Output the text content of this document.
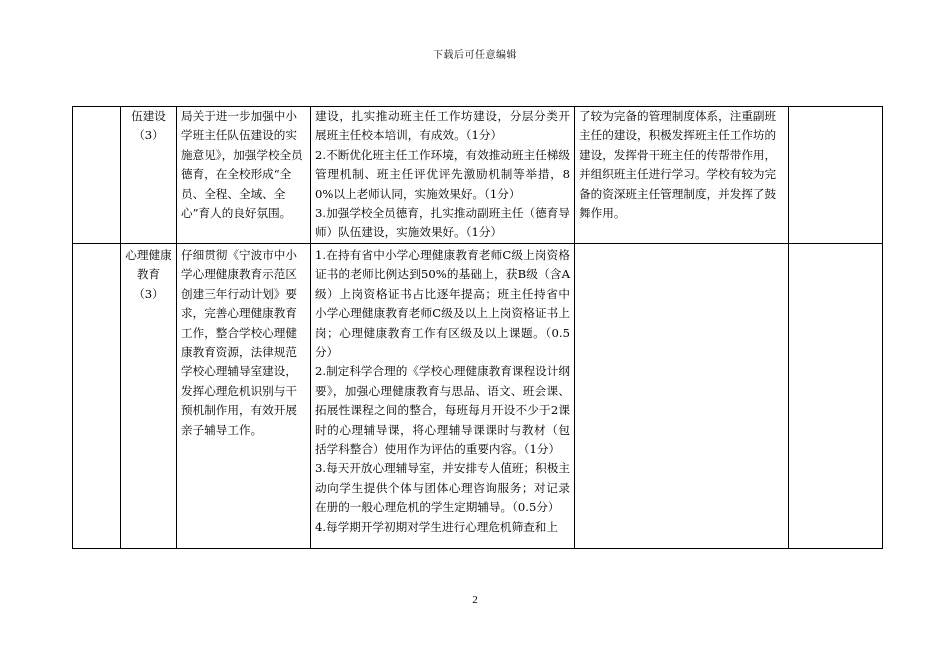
下载后可任意编辑
	伍建设（3）	局关于进一步加强中小学班主任队伍建设的实施意见》，加强学校全员德育，在全校形成“全员、全程、全域、全心”育人的良好氛围。	建设，扎实推动班主任工作坊建设，分层分类开展班主任校本培训，有成效。（1分）
2.不断优化班主任工作环境，有效推动班主任梯级管理机制、班主任评优评先激励机制等举措，80%以上老师认同，实施效果好。（1分）
3.加强学校全员德育，扎实推动副班主任（德育导师）队伍建设，实施效果好。（1分）	了较为完备的管理制度体系，注重副班主任的建设，积极发挥班主任工作坊的建设，发挥骨干班主任的传帮带作用，并组织班主任进行学习。学校有较为完备的资深班主任管理制度，并发挥了鼓舞作用。	
	心理健康教育（3）	仔细贯彻《宁波市中小学心理健康教育示范区创建三年行动计划》要求，完善心理健康教育工作，整合学校心理健康教育资源，法律规范学校心理辅导室建设，发挥心理危机识别与干预机制作用，有效开展亲子辅导工作。	1.在持有省中小学心理健康教育老师C级上岗资格证书的老师比例达到50%的基础上，获B级（含A级）上岗资格证书占比逐年提高；班主任持省中小学心理健康教育老师C级及以上上岗资格证书上岗；心理健康教育工作有区级及以上课题。（0.5分）
2.制定科学合理的《学校心理健康教育课程设计纲要》，加强心理健康教育与思品、语文、班会课、拓展性课程之间的整合，每班每月开设不少于2课时的心理辅导课，将心理辅导课课时与教材（包括学科整合）使用作为评估的重要内容。（1分）
3.每天开放心理辅导室，并安排专人值班；积极主动向学生提供个体与团体心理咨询服务；对记录在册的一般心理危机的学生定期辅导。（0.5分）
4.每学期开学初期对学生进行心理危机筛查和上		

2
